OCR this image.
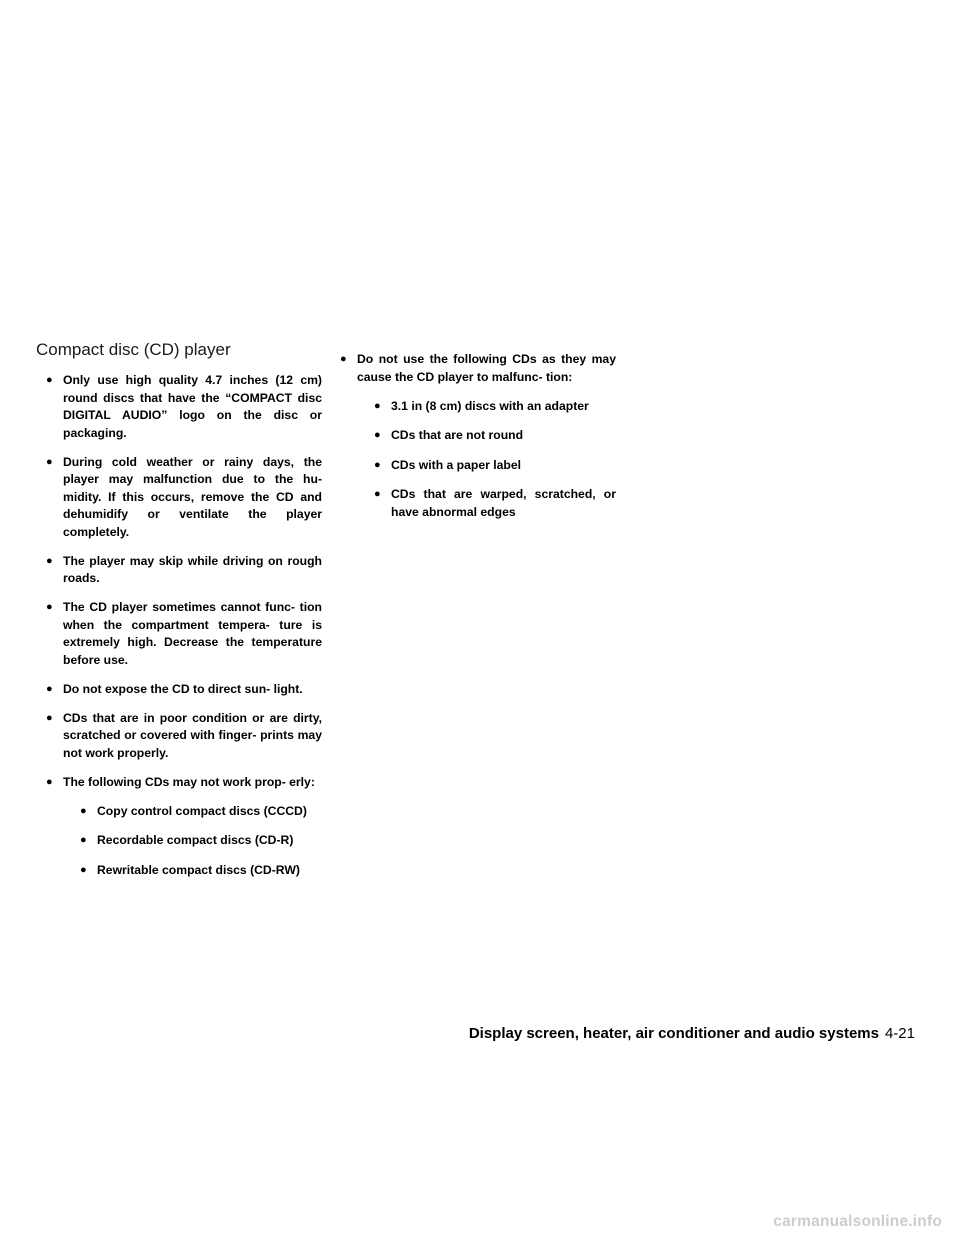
Compact disc (CD) player
● Only use high quality 4.7 inches (12 cm) round discs that have the “COMPACT disc DIGITAL AUDIO” logo on the disc or packaging.
● During cold weather or rainy days, the player may malfunction due to the hu- midity. If this occurs, remove the CD and dehumidify or ventilate the player completely.
● The player may skip while driving on rough roads.
● The CD player sometimes cannot func- tion when the compartment tempera- ture is extremely high. Decrease the temperature before use.
● Do not expose the CD to direct sun- light.
● CDs that are in poor condition or are dirty, scratched or covered with finger- prints may not work properly.
● The following CDs may not work prop- erly:
● Copy control compact discs (CCCD)
● Recordable compact discs (CD-R)
● Rewritable compact discs (CD-RW)
● Do not use the following CDs as they may cause the CD player to malfunc- tion:
● 3.1 in (8 cm) discs with an adapter
● CDs that are not round
● CDs with a paper label
● CDs that are warped, scratched, or have abnormal edges
Display screen, heater, air conditioner and audio systems 4-21
carmanualsonline.info
